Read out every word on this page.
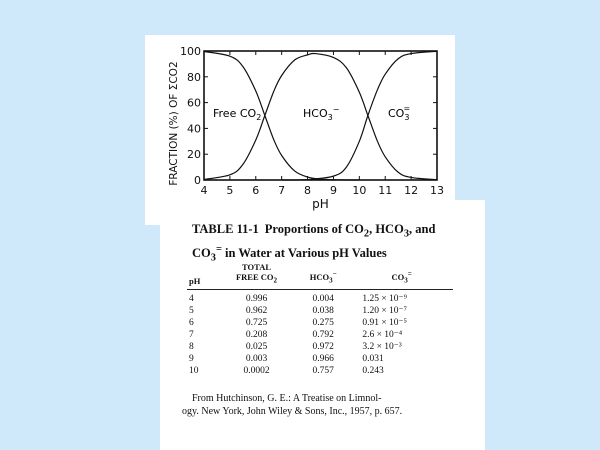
4 5 6 7 8 9 10 11 12 13
0
20
40
60
80
100
pH
FRACTION (%) OF ΣCO2	Free $CO_2$	$HCO_3^-$	$CO_3=$
TABLE 11-1 Proportions of $CO_2$, $HCO_3$, and
$CO_3^=$ in Water at Various pH Values
pH	TOTAL
FREE $CO_2$	$HCO_3^-$	$CO_3^=$
4	0.996	0.004	1.25 × 10⁻⁹
5	0.962	0.038	1.20 × 10⁻⁷
6	0.725	0.275	0.91 × 10⁻⁵
7	0.208	0.792	2.6 × 10⁻⁴
8	0.025	0.972	3.2 × 10⁻³
9	0.003	0.966	0.031
10	0.0002	0.757	0.243
From Hutchinson, G. E.: A Treatise on Limnol-
ogy. New York, John Wiley & Sons, Inc., 1957, p. 657.
